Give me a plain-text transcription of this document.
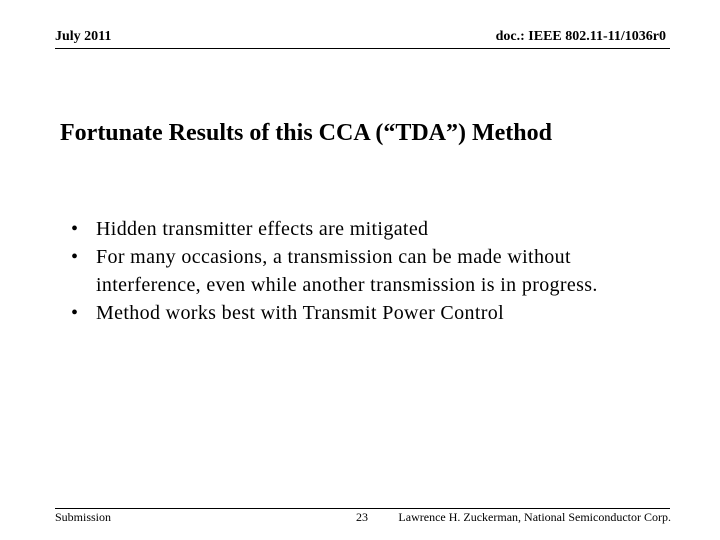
July 2011	doc.: IEEE 802.11-11/1036r0
Fortunate Results of this CCA (“TDA”) Method
• Hidden transmitter effects are mitigated
• For many occasions, a transmission can be made without interference, even while another transmission is in progress.
• Method works best with Transmit Power Control
Submission	23	Lawrence H. Zuckerman, National Semiconductor Corp.
